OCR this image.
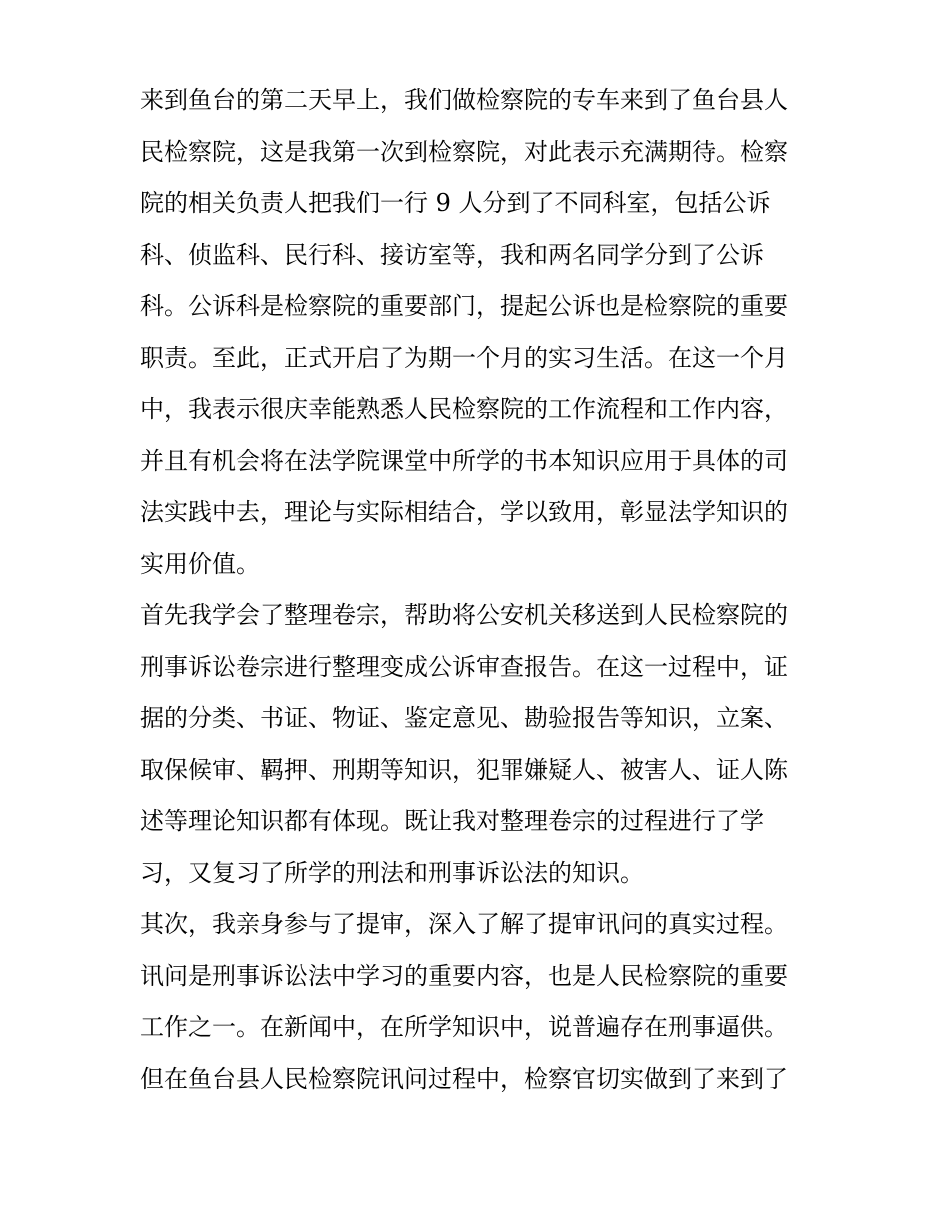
来到鱼台的第二天早上，我们做检察院的专车来到了鱼台县人
民检察院，这是我第一次到检察院，对此表示充满期待。检察
院的相关负责人把我们一行 9 人分到了不同科室，包括公诉
科、侦监科、民行科、接访室等，我和两名同学分到了公诉
科。公诉科是检察院的重要部门，提起公诉也是检察院的重要
职责。至此，正式开启了为期一个月的实习生活。在这一个月
中，我表示很庆幸能熟悉人民检察院的工作流程和工作内容，
并且有机会将在法学院课堂中所学的书本知识应用于具体的司
法实践中去，理论与实际相结合，学以致用，彰显法学知识的
实用价值。
首先我学会了整理卷宗，帮助将公安机关移送到人民检察院的
刑事诉讼卷宗进行整理变成公诉审查报告。在这一过程中，证
据的分类、书证、物证、鉴定意见、勘验报告等知识，立案、
取保候审、羁押、刑期等知识，犯罪嫌疑人、被害人、证人陈
述等理论知识都有体现。既让我对整理卷宗的过程进行了学
习，又复习了所学的刑法和刑事诉讼法的知识。
其次，我亲身参与了提审，深入了解了提审讯问的真实过程。
讯问是刑事诉讼法中学习的重要内容，也是人民检察院的重要
工作之一。在新闻中，在所学知识中，说普遍存在刑事逼供。
但在鱼台县人民检察院讯问过程中，检察官切实做到了来到了
